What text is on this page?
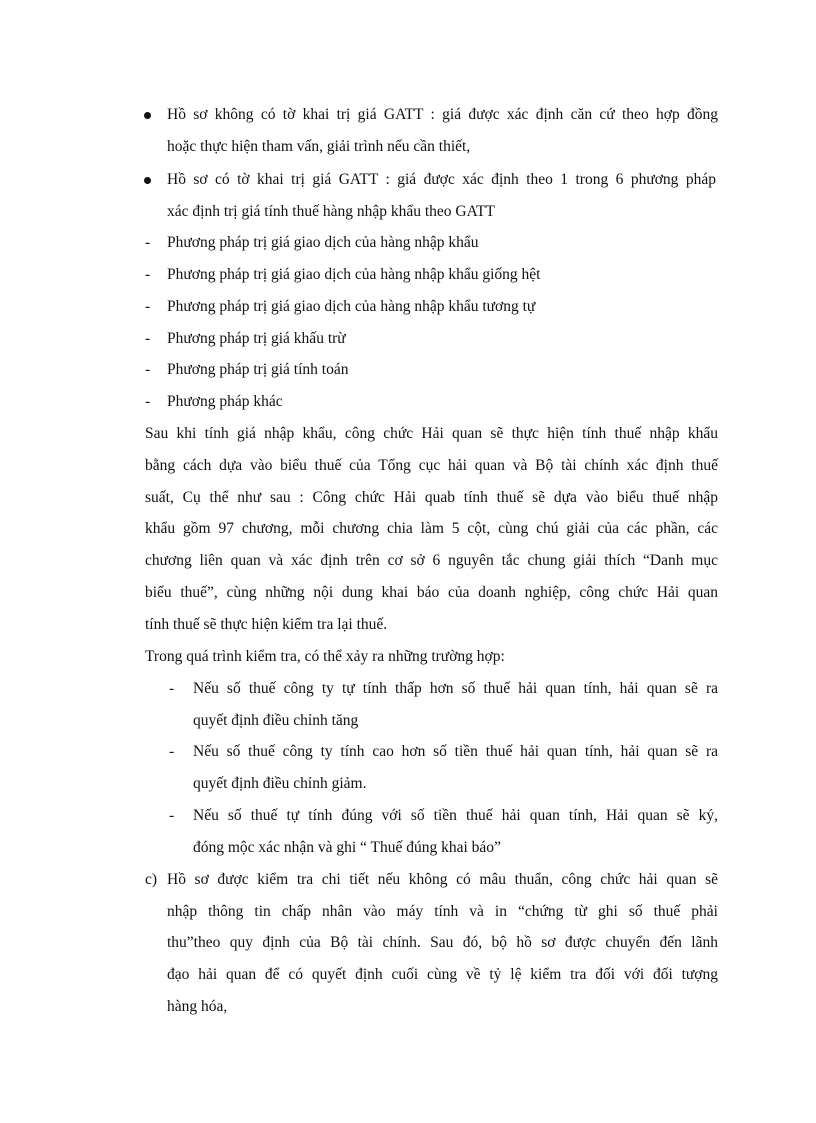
Hồ sơ không có tờ khai trị giá GATT : giá được xác định căn cứ theo hợp đồng
hoặc thực hiện tham vấn, giải trình nếu cần thiết,
Hồ sơ có tờ khai trị giá GATT : giá được xác định theo 1 trong 6 phương pháp
xác định trị giá tính thuế hàng nhập khẩu theo GATT
- Phương pháp trị giá giao dịch của hàng nhập khẩu
- Phương pháp trị giá giao dịch của hàng nhập khẩu giống hệt
- Phương pháp trị giá giao dịch của hàng nhập khẩu tương tự
- Phương pháp trị giá khấu trừ
- Phương pháp trị giá tính toán
- Phương pháp khác
Sau khi tính giá nhập khẩu, công chức Hải quan sẽ thực hiện tính thuế nhập khẩu
bằng cách dựa vào biểu thuế của Tổng cục hải quan và Bộ tài chính xác định thuế
suất, Cụ thể như sau : Công chức Hải quab tính thuế sẽ dựa vào biểu thuế nhập
khẩu gồm 97 chương, mỗi chương chia làm 5 cột, cùng chú giải của các phần, các
chương liên quan và xác định trên cơ sở 6 nguyên tắc chung giải thích “Danh mục
biểu thuế”, cùng những nội dung khai báo của doanh nghiệp, công chức Hải quan
tính thuế sẽ thực hiện kiểm tra lại thuế.
Trong quá trình kiểm tra, có thể xảy ra những trường hợp:
- Nếu số thuế công ty tự tính thấp hơn số thuế hải quan tính, hải quan sẽ ra
quyết định điều chỉnh tăng
- Nếu số thuế công ty tính cao hơn số tiền thuế hải quan tính, hải quan sẽ ra
quyết định điều chỉnh giảm.
- Nếu số thuế tự tính đúng với số tiền thuế hải quan tính, Hải quan sẽ ký,
đóng mộc xác nhận và ghi “ Thuế đúng khai báo”
c) Hồ sơ được kiểm tra chi tiết nếu không có mâu thuẩn, công chức hải quan sẽ
nhập thông tin chấp nhân vào máy tính và in “chứng từ ghi số thuế phải
thu”theo quy định của Bộ tài chính. Sau đó, bộ hồ sơ được chuyển đến lãnh
đạo hải quan để có quyết định cuối cùng về tỷ lệ kiểm tra đối với đối tượng
hàng hóa,
